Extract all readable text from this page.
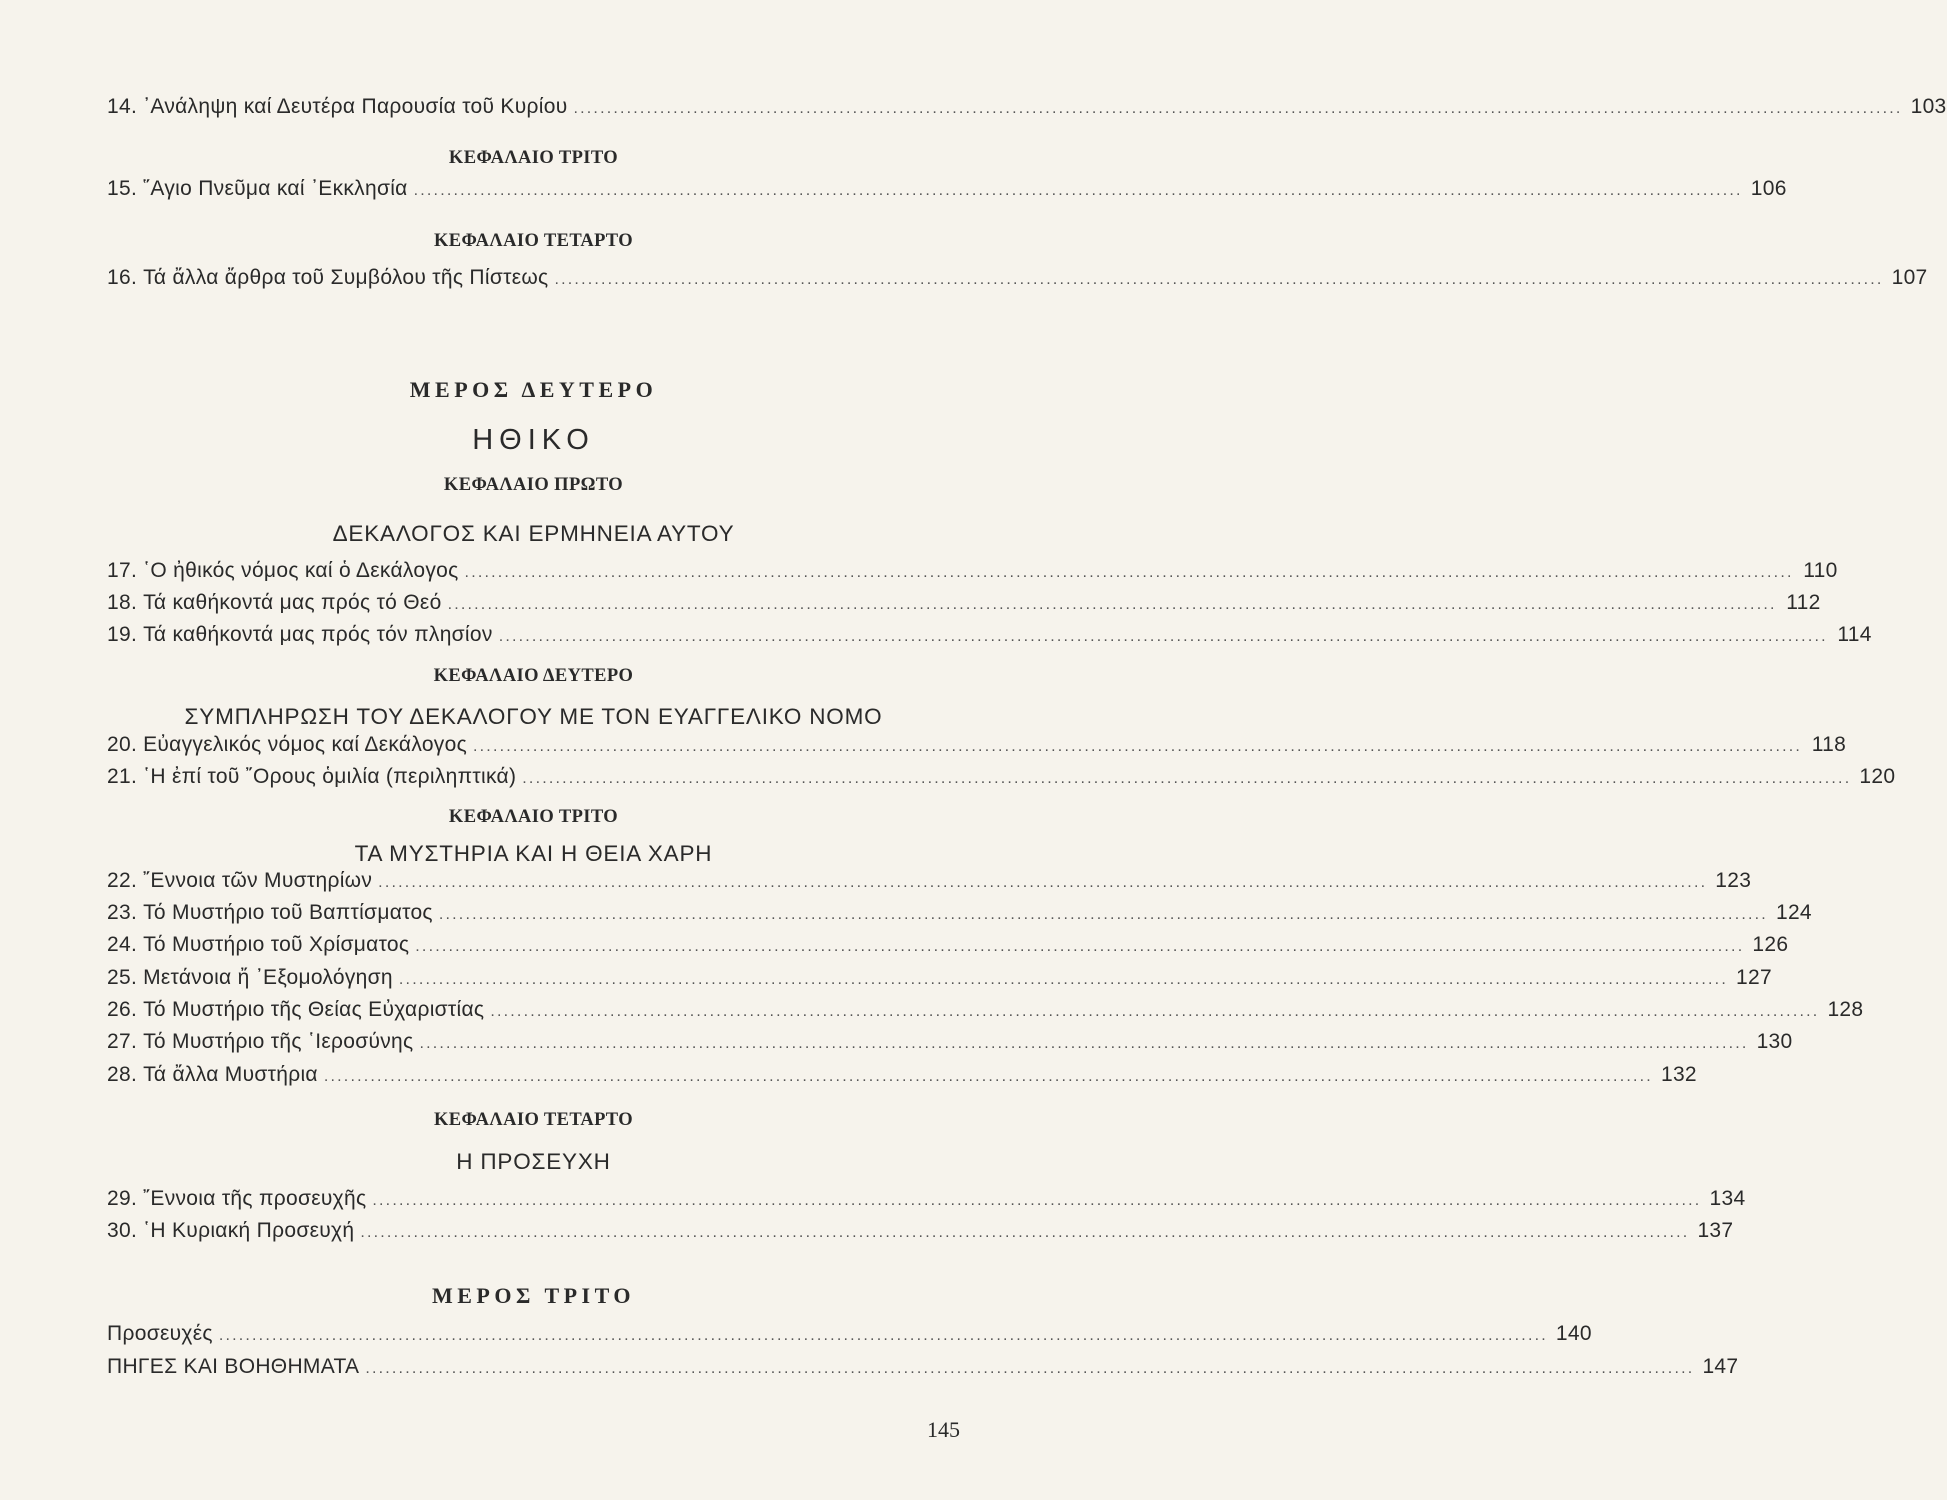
14. ᾿Ανάληψη καί Δευτέρα Παρουσία τοῦ Κυρίου ........................................................................................................................................................................................................ 103
ΚΕΦΑΛΑΙΟ ΤΡΙΤΟ
15. ῞Αγιο Πνεῦμα καί ᾿Εκκλησία ........................................................................................................................................................................................................ 106
ΚΕΦΑΛΑΙΟ ΤΕΤΑΡΤΟ
16. Τά ἄλλα ἄρθρα τοῦ Συμβόλου τῆς Πίστεως ........................................................................................................................................................................................................ 107
ΜΕΡΟΣ ΔΕΥΤΕΡΟ
ΗΘΙΚΟ
ΚΕΦΑΛΑΙΟ ΠΡΩΤΟ
ΔΕΚΑΛΟΓΟΣ ΚΑΙ ΕΡΜΗΝΕΙΑ ΑΥΤΟΥ
17. ῾Ο ἠθικός νόμος καί ὁ Δεκάλογος ........................................................................................................................................................................................................ 110
18. Τά καθήκοντά μας πρός τό Θεό ........................................................................................................................................................................................................ 112
19. Τά καθήκοντά μας πρός τόν πλησίον ........................................................................................................................................................................................................ 114
ΚΕΦΑΛΑΙΟ ΔΕΥΤΕΡΟ
ΣΥΜΠΛΗΡΩΣΗ ΤΟΥ ΔΕΚΑΛΟΓΟΥ ΜΕ ΤΟΝ ΕΥΑΓΓΕΛΙΚΟ ΝΟΜΟ
20. Εὐαγγελικός νόμος καί Δεκάλογος ........................................................................................................................................................................................................ 118
21. ῾Η ἐπί τοῦ ῎Ορους ὁμιλία (περιληπτικά) ........................................................................................................................................................................................................ 120
ΚΕΦΑΛΑΙΟ ΤΡΙΤΟ
ΤΑ ΜΥΣΤΗΡΙΑ ΚΑΙ Η ΘΕΙΑ ΧΑΡΗ
22. ῎Εννοια τῶν Μυστηρίων ........................................................................................................................................................................................................ 123
23. Τό Μυστήριο τοῦ Βαπτίσματος ........................................................................................................................................................................................................ 124
24. Τό Μυστήριο τοῦ Χρίσματος ........................................................................................................................................................................................................ 126
25. Μετάνοια ἤ ᾿Εξομολόγηση ........................................................................................................................................................................................................ 127
26. Τό Μυστήριο τῆς Θείας Εὐχαριστίας ........................................................................................................................................................................................................ 128
27. Τό Μυστήριο τῆς ῾Ιεροσύνης ........................................................................................................................................................................................................ 130
28. Τά ἄλλα Μυστήρια ........................................................................................................................................................................................................ 132
ΚΕΦΑΛΑΙΟ ΤΕΤΑΡΤΟ
Η ΠΡΟΣΕΥΧΗ
29. ῎Εννοια τῆς προσευχῆς ........................................................................................................................................................................................................ 134
30. ῾Η Κυριακή Προσευχή ........................................................................................................................................................................................................ 137
ΜΕΡΟΣ ΤΡΙΤΟ
Προσευχές ........................................................................................................................................................................................................ 140
ΠΗΓΕΣ ΚΑΙ ΒΟΗΘΗΜΑΤΑ ........................................................................................................................................................................................................ 147
145
